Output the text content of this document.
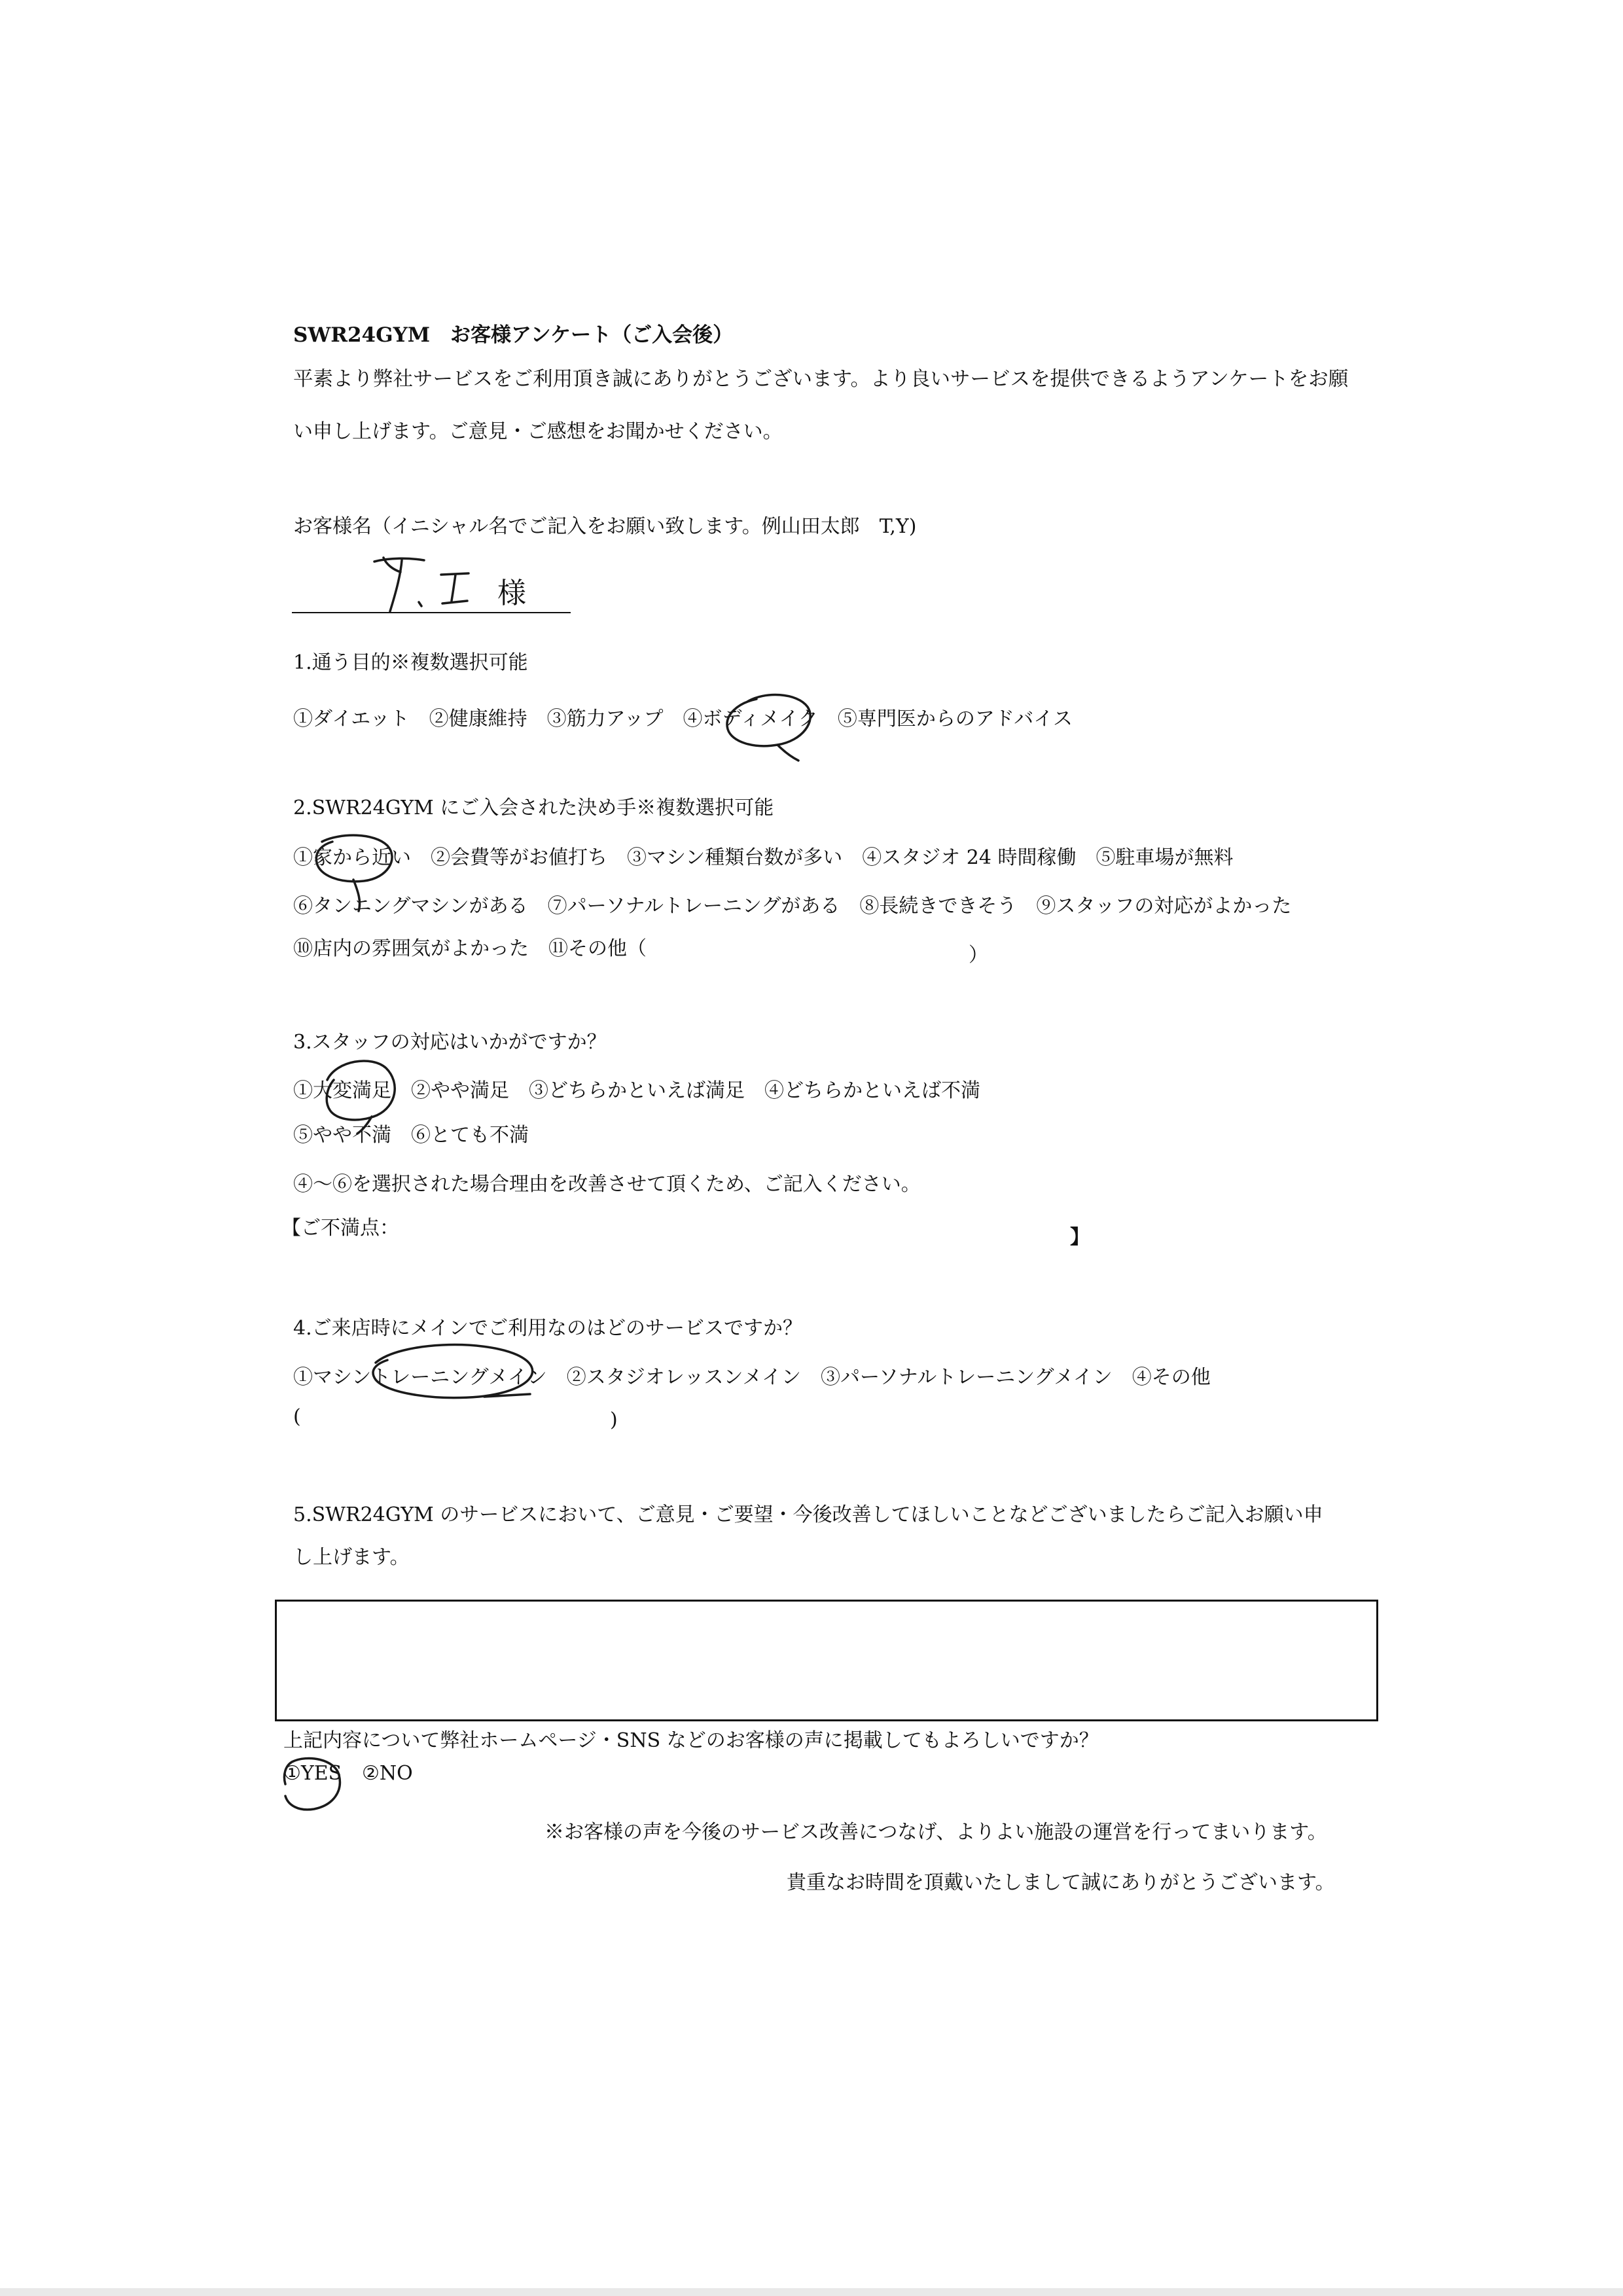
SWR24GYM　お客様アンケート（ご入会後）
平素より弊社サービスをご利用頂き誠にありがとうございます。より良いサービスを提供できるようアンケートをお願
い申し上げます。ご意見・ご感想をお聞かせください。
お客様名（イニシャル名でご記入をお願い致します。例山田太郎　T,Y)
様
1.通う目的※複数選択可能
①ダイエット　②健康維持　③筋力アップ　④ボディメイク　⑤専門医からのアドバイス
2.SWR24GYM にご入会された決め手※複数選択可能
①家から近い　②会費等がお値打ち　③マシン種類台数が多い　④スタジオ 24 時間稼働　⑤駐車場が無料
⑥タンニングマシンがある　⑦パーソナルトレーニングがある　⑧長続きできそう　⑨スタッフの対応がよかった
⑩店内の雰囲気がよかった　⑪その他（	）
3.スタッフの対応はいかがですか？
①大変満足　②やや満足　③どちらかといえば満足　④どちらかといえば不満
⑤やや不満　⑥とても不満
④～⑥を選択された場合理由を改善させて頂くため、ご記入ください。
【ご不満点：	】
4.ご来店時にメインでご利用なのはどのサービスですか？
①マシントレーニングメイン　②スタジオレッスンメイン　③パーソナルトレーニングメイン　④その他
(	)
5.SWR24GYM のサービスにおいて、ご意見・ご要望・今後改善してほしいことなどございましたらご記入お願い申
し上げます。
上記内容について弊社ホームページ・SNS などのお客様の声に掲載してもよろしいですか？
①YES ②NO
※お客様の声を今後のサービス改善につなげ、よりよい施設の運営を行ってまいります。
貴重なお時間を頂戴いたしまして誠にありがとうございます。
